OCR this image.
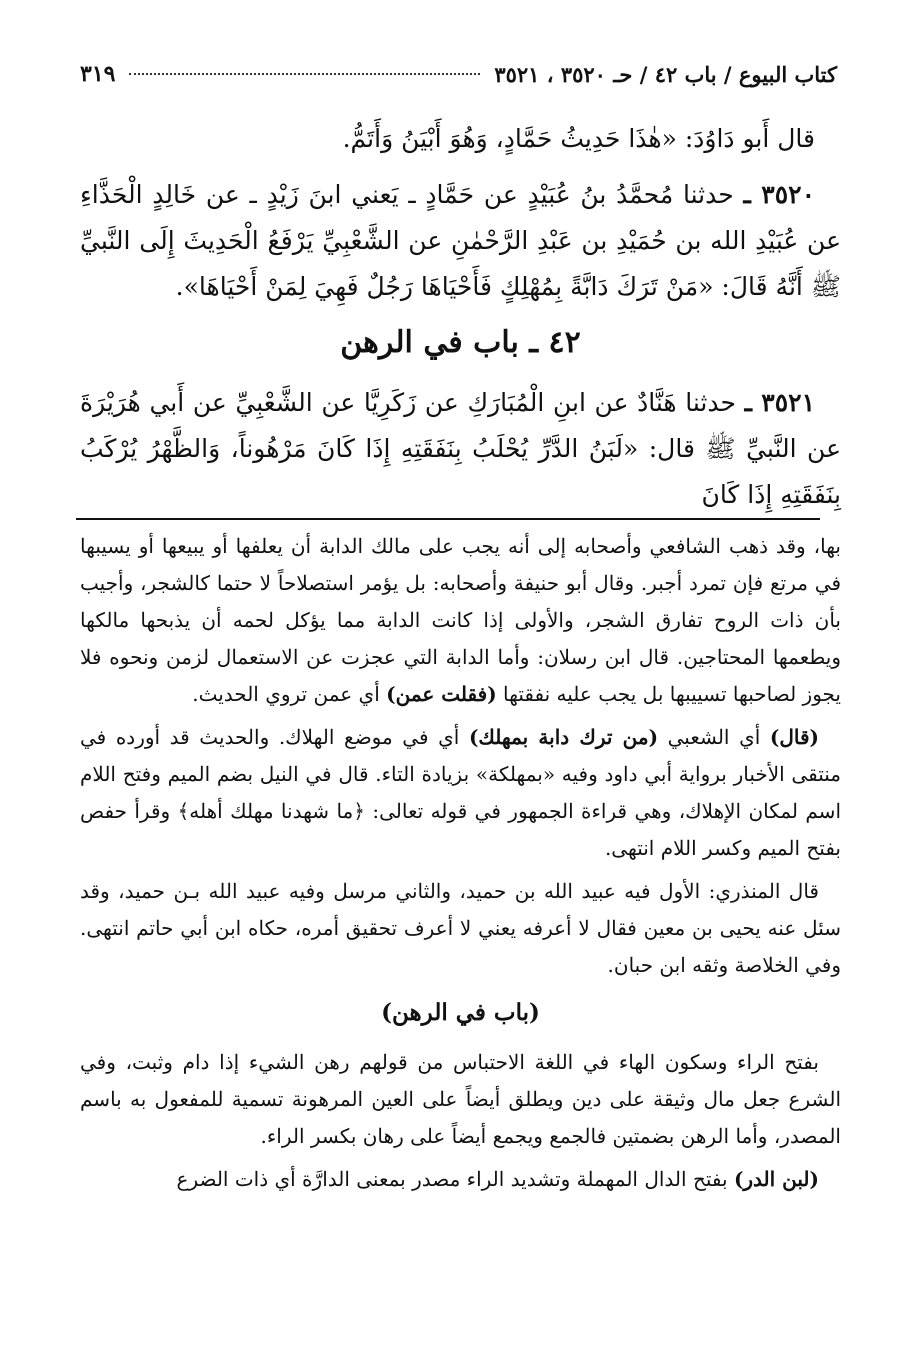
كتاب البيوع / باب ٤٢ / حـ ٣٥٢٠ ، ٣٥٢١
٣١٩

قال أَبو دَاوُدَ: «هٰذَا حَدِيثُ حَمَّادٍ، وَهُوَ أَبْيَنُ وَأَتَمُّ.

٣٥٢٠ ـ حدثنا مُحمَّدُ بنُ عُبَيْدٍ عن حَمَّادٍ ـ يَعني ابنَ زَيْدٍ ـ عن خَالِدٍ الْحَذَّاءِ عن عُبَيْدِ الله بن حُمَيْدِ بن عَبْدِ الرَّحْمٰنِ عن الشَّعْبِيِّ يَرْفَعُ الْحَدِيثَ إِلَى النَّبيِّ ﷺ أَنَّهُ قَالَ: «مَنْ تَرَكَ دَابَّةً بِمُهْلِكٍ فَأَحْيَاهَا رَجُلٌ فَهِيَ لِمَنْ أَحْيَاهَا».

٤٢ ـ باب في الرهن

٣٥٢١ ـ حدثنا هَنَّادٌ عن ابنِ الْمُبَارَكِ عن زَكَرِيَّا عن الشَّعْبِيِّ عن أَبي هُرَيْرَةَ عن النَّبيِّ ﷺ قال: «لَبَنُ الدَّرِّ يُحْلَبُ بِنَفَقَتِهِ إِذَا كَانَ مَرْهُوناً، وَالظَّهْرُ يُرْكَبُ بِنَفَقَتِهِ إِذَا كَانَ

بها، وقد ذهب الشافعي وأصحابه إلى أنه يجب على مالك الدابة أن يعلفها أو يبيعها أو يسيبها في مرتع فإن تمرد أجبر. وقال أبو حنيفة وأصحابه: بل يؤمر استصلاحاً لا حتما كالشجر، وأجيب بأن ذات الروح تفارق الشجر، والأولى إذا كانت الدابة مما يؤكل لحمه أن يذبحها مالكها ويطعمها المحتاجين. قال ابن رسلان: وأما الدابة التي عجزت عن الاستعمال لزمن ونحوه فلا يجوز لصاحبها تسييبها بل يجب عليه نفقتها (فقلت عمن) أي عمن تروي الحديث.

(قال) أي الشعبي (من ترك دابة بمهلك) أي في موضع الهلاك. والحديث قد أورده في منتقى الأخبار برواية أبي داود وفيه «بمهلكة» بزيادة التاء. قال في النيل بضم الميم وفتح اللام اسم لمكان الإهلاك، وهي قراءة الجمهور في قوله تعالى: ﴿ما شهدنا مهلك أهله﴾ وقرأ حفص بفتح الميم وكسر اللام انتهى.

قال المنذري: الأول فيه عبيد الله بن حميد، والثاني مرسل وفيه عبيد الله بـن حميد، وقد سئل عنه يحيى بن معين فقال لا أعرفه يعني لا أعرف تحقيق أمره، حكاه ابن أبي حاتم انتهى. وفي الخلاصة وثقه ابن حبان.

(باب في الرهن)

بفتح الراء وسكون الهاء في اللغة الاحتباس من قولهم رهن الشيء إذا دام وثبت، وفي الشرع جعل مال وثيقة على دين ويطلق أيضاً على العين المرهونة تسمية للمفعول به باسم المصدر، وأما الرهن بضمتين فالجمع ويجمع أيضاً على رهان بكسر الراء.

(لبن الدر) بفتح الدال المهملة وتشديد الراء مصدر بمعنى الدارَّة أي ذات الضرع
